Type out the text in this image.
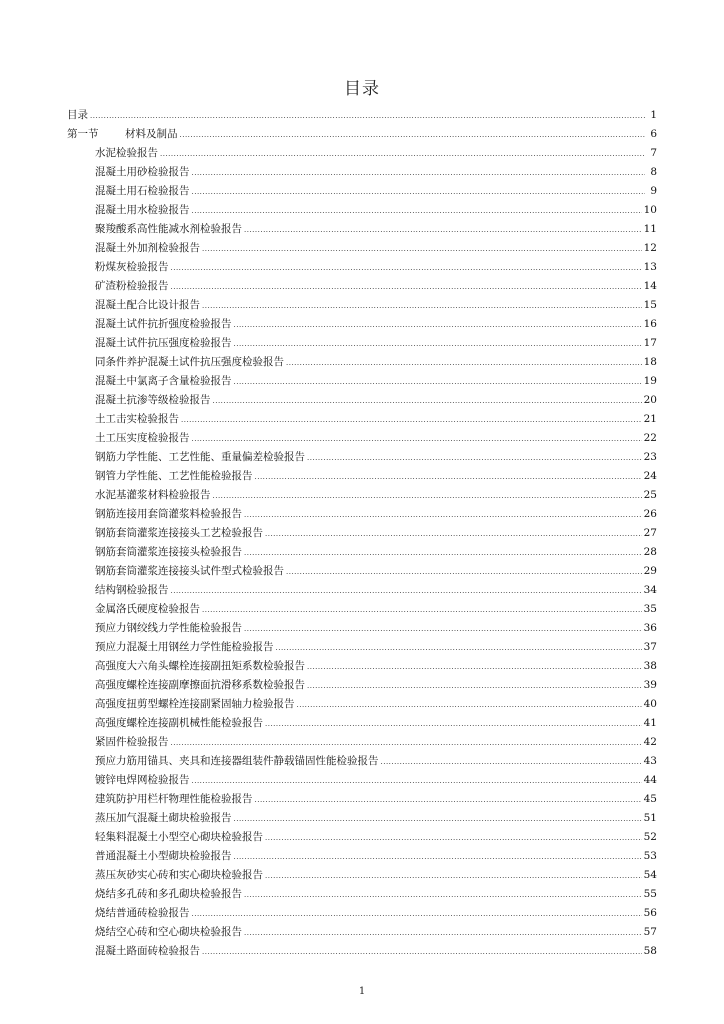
目录
目录 .....	1
第一节	材料及制品 .....	6
水泥检验报告 .....	7
混凝土用砂检验报告 .....	8
混凝土用石检验报告 .....	9
混凝土用水检验报告 .....	10
聚羧酸系高性能减水剂检验报告 .....	11
混凝土外加剂检验报告 .....	12
粉煤灰检验报告 .....	13
矿渣粉检验报告 .....	14
混凝土配合比设计报告 .....	15
混凝土试件抗折强度检验报告 .....	16
混凝土试件抗压强度检验报告 .....	17
同条件养护混凝土试件抗压强度检验报告 .....	18
混凝土中氯离子含量检验报告 .....	19
混凝土抗渗等级检验报告 .....	20
土工击实检验报告 .....	21
土工压实度检验报告 .....	22
钢筋力学性能、工艺性能、重量偏差检验报告 .....	23
钢管力学性能、工艺性能检验报告 .....	24
水泥基灌浆材料检验报告 .....	25
钢筋连接用套筒灌浆料检验报告 .....	26
钢筋套筒灌浆连接接头工艺检验报告 .....	27
钢筋套筒灌浆连接接头检验报告 .....	28
钢筋套筒灌浆连接接头试件型式检验报告 .....	29
结构钢检验报告 .....	34
金属洛氏硬度检验报告 .....	35
预应力钢绞线力学性能检验报告 .....	36
预应力混凝土用钢丝力学性能检验报告 .....	37
高强度大六角头螺栓连接副扭矩系数检验报告 .....	38
高强度螺栓连接副摩擦面抗滑移系数检验报告 .....	39
高强度扭剪型螺栓连接副紧固轴力检验报告 .....	40
高强度螺栓连接副机械性能检验报告 .....	41
紧固件检验报告 .....	42
预应力筋用锚具、夹具和连接器组装件静载锚固性能检验报告 .....	43
镀锌电焊网检验报告 .....	44
建筑防护用栏杆物理性能检验报告 .....	45
蒸压加气混凝土砌块检验报告 .....	51
轻集料混凝土小型空心砌块检验报告 .....	52
普通混凝土小型砌块检验报告 .....	53
蒸压灰砂实心砖和实心砌块检验报告 .....	54
烧结多孔砖和多孔砌块检验报告 .....	55
烧结普通砖检验报告 .....	56
烧结空心砖和空心砌块检验报告 .....	57
混凝土路面砖检验报告 .....	58
1
